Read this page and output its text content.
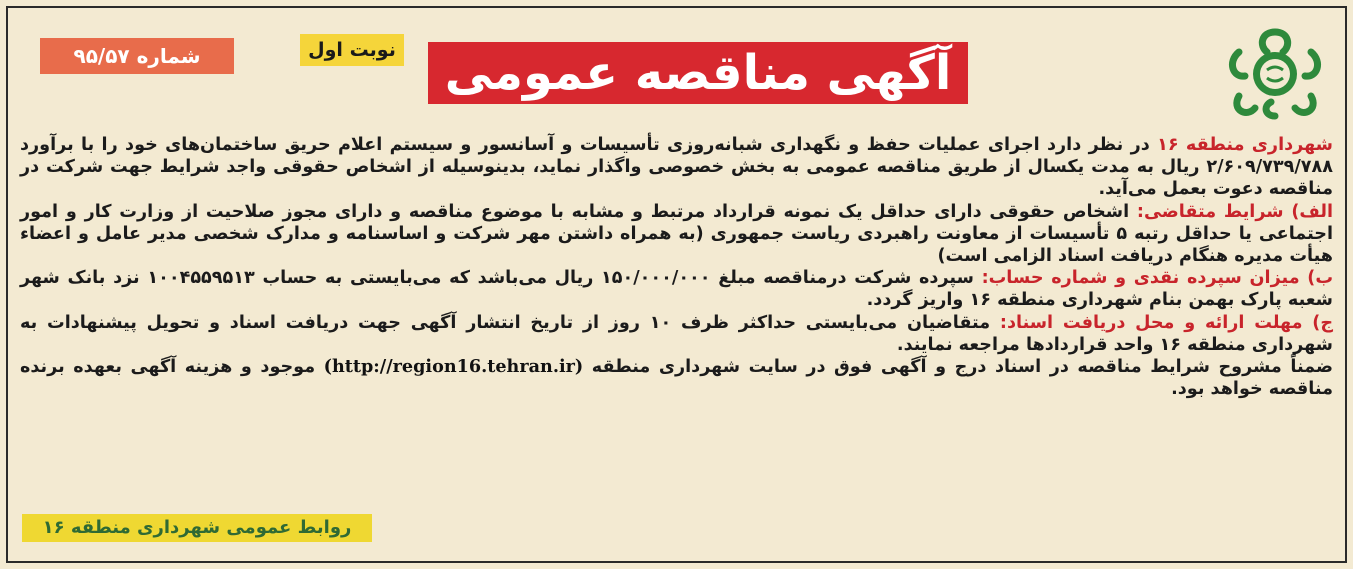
شماره ۹۵/۵۷	نوبت اول	آگهی مناقصه عمومی

شهرداری منطقه ۱۶ در نظر دارد اجرای عملیات حفظ و نگهداری شبانه‌روزی تأسیسات و آسانسور و سیستم اعلام حریق ساختمان‌های خود را با برآورد ۲/۶۰۹/۷۳۹/۷۸۸ ریال به مدت یکسال از طریق مناقصه عمومی به بخش خصوصی واگذار نماید، بدینوسیله از اشخاص حقوقی واجد شرایط جهت شرکت در مناقصه دعوت بعمل می‌آید.

الف) شرایط متقاضی: اشخاص حقوقی دارای حداقل یک نمونه قرارداد مرتبط و مشابه با موضوع مناقصه و دارای مجوز صلاحیت از وزارت کار و امور اجتماعی یا حداقل رتبه ۵ تأسیسات از معاونت راهبردی ریاست جمهوری (به همراه داشتن مهر شرکت و اساسنامه و مدارک شخصی مدیر عامل و اعضاء هیأت مدیره هنگام دریافت اسناد الزامی است)

ب) میزان سپرده نقدی و شماره حساب: سپرده شرکت درمناقصه مبلغ ۱۵۰/۰۰۰/۰۰۰ ریال می‌باشد که می‌بایستی به حساب ۱۰۰۴۵۵۹۵۱۳ نزد بانک شهر شعبه پارک بهمن بنام شهرداری منطقه ۱۶ واریز گردد.

ج) مهلت ارائه و محل دریافت اسناد: متقاضیان می‌بایستی حداکثر ظرف ۱۰ روز از تاریخ انتشار آگهی جهت دریافت اسناد و تحویل پیشنهادات به شهرداری منطقه ۱۶ واحد قراردادها مراجعه نمایند.

ضمناً مشروح شرایط مناقصه در اسناد درج و آگهی فوق در سایت شهرداری منطقه (http://region16.tehran.ir) موجود و هزینه آگهی بعهده برنده مناقصه خواهد بود.

روابط عمومی شهرداری منطقه ۱۶
